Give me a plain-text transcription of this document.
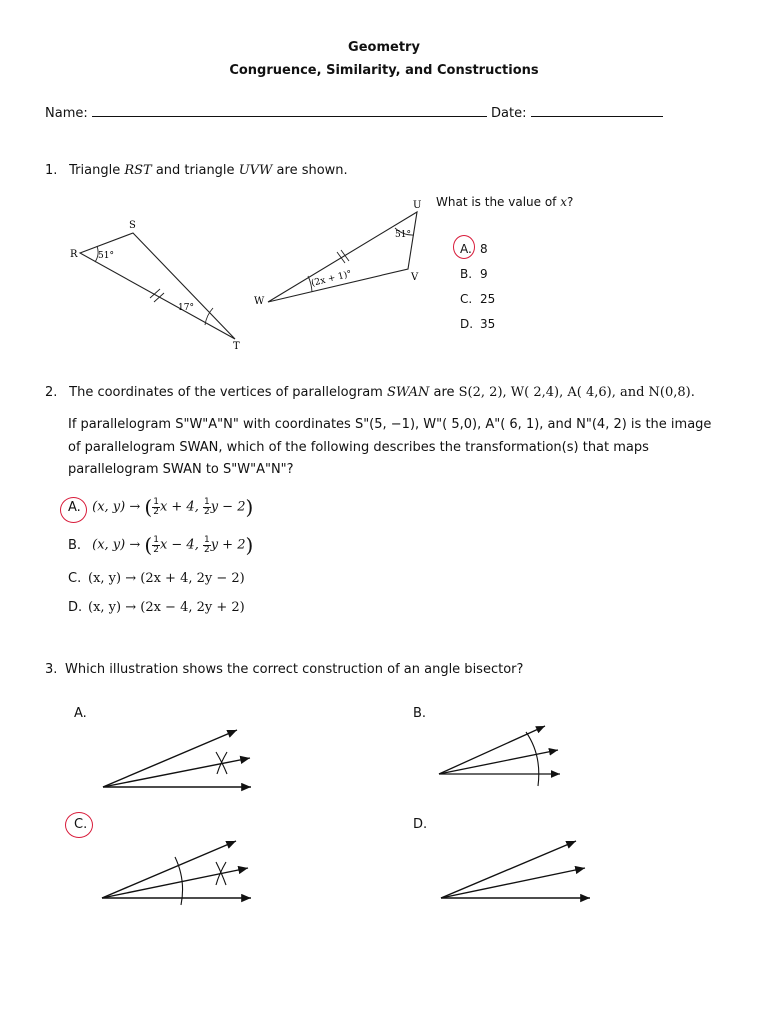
Geometry
Congruence, Similarity, and Constructions
Name:	Date:
1. Triangle RST and triangle UVW are shown.
What is the value of x?
S
R
T
51°
17°
U
V
W
51°
(2x + 1)°
A. 8
B. 9
C. 25
D. 35
2. The coordinates of the vertices of parallelogram SWAN are S(2, 2), W( 2,4), A( 4,6), and N(0,8).
If parallelogram S"W"A"N" with coordinates S"(5, −1), W"( 5,0), A"( 6, 1), and N"(4, 2) is the image
of parallelogram SWAN, which of the following describes the transformation(s) that maps
parallelogram SWAN to S"W"A"N"?
A. (x, y) → ( $\frac{1}{2}$ x + 4, $\frac{1}{2}$ y − 2)
B. (x, y) → ( $\frac{1}{2}$ x − 4, $\frac{1}{2}$ y + 2)
C. (x, y) → (2x + 4, 2y − 2)
D. (x, y) → (2x − 4, 2y + 2)
3. Which illustration shows the correct construction of an angle bisector?
A.	B.
C.	D.
